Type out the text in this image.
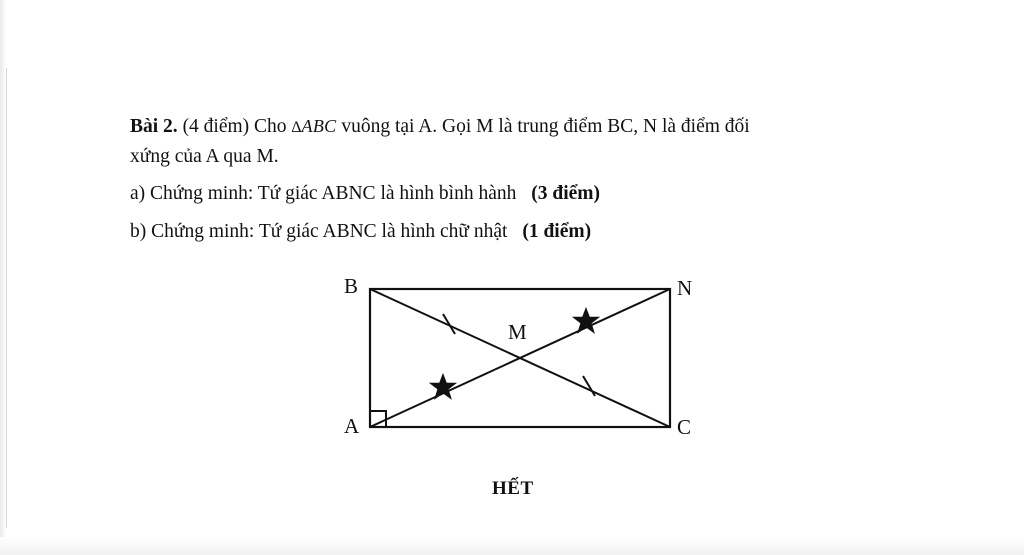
Bài 2. (4 điểm) Cho ∆ABC vuông tại A. Gọi M là trung điểm BC, N là điểm đối
xứng của A qua M.
a) Chứng minh: Tứ giác ABNC là hình bình hành (3 điểm)
b) Chứng minh: Tứ giác ABNC là hình chữ nhật (1 điểm)
B	N
A	C
M
HẾT
